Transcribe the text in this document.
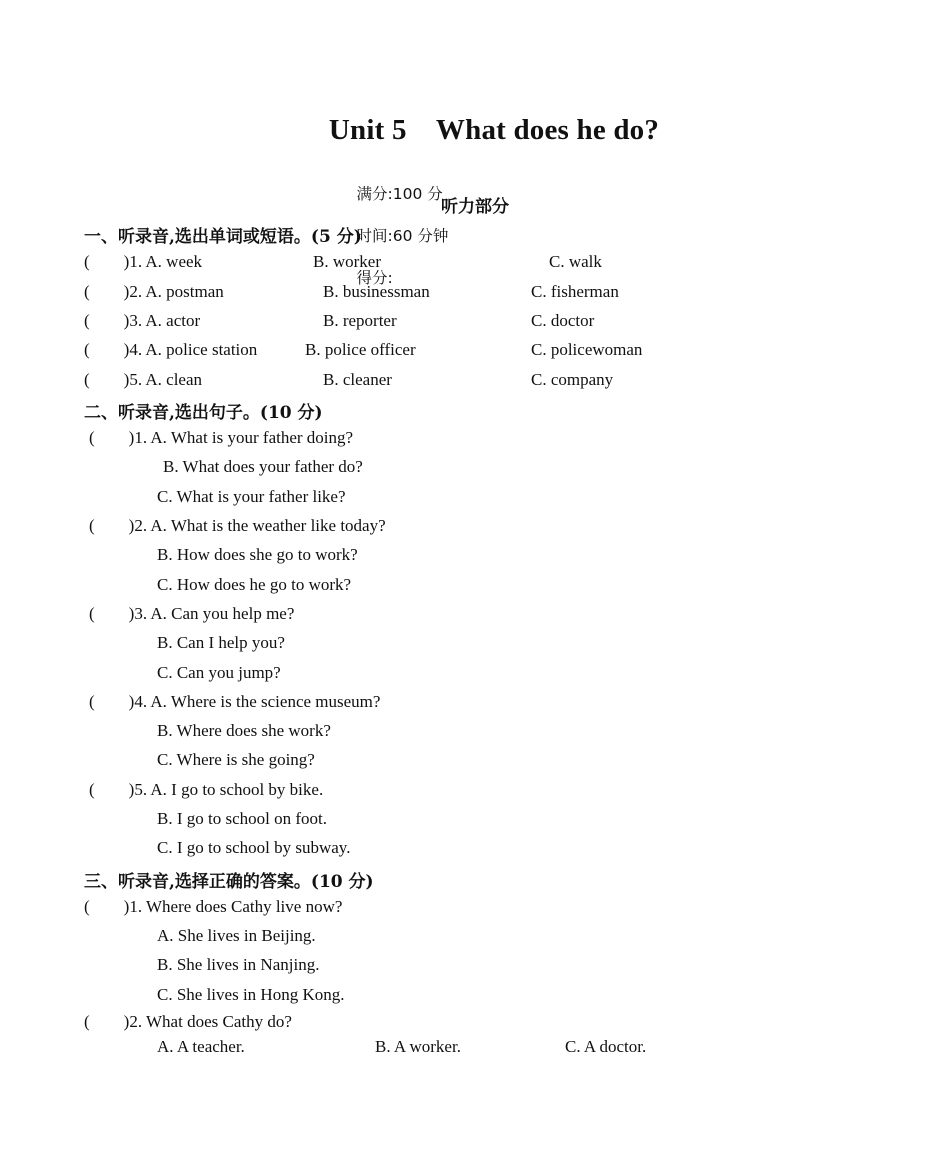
Unit 5    What does he do?

满分:100 分

时间:60 分钟

得分:

听力部分
一、听录音,选出单词或短语。(5 分)
(        )1. A. week	B. worker	C. walk
(        )2. A. postman	B. businessman	C. fisherman
(        )3. A. actor	B. reporter	C. doctor
(        )4. A. police station	B. police officer	C. policewoman
(        )5. A. clean	B. cleaner	C. company
二、听录音,选出句子。(10 分)
(        )1. A. What is your father doing?
B. What does your father do?
C. What is your father like?
(        )2. A. What is the weather like today?
B. How does she go to work?
C. How does he go to work?
(        )3. A. Can you help me?
B. Can I help you?
C. Can you jump?
(        )4. A. Where is the science museum?
B. Where does she work?
C. Where is she going?
(        )5. A. I go to school by bike.
B. I go to school on foot.
C. I go to school by subway.
三、听录音,选择正确的答案。(10 分)
(        )1. Where does Cathy live now?
A. She lives in Beijing.
B. She lives in Nanjing.
C. She lives in Hong Kong.
(        )2. What does Cathy do?
A. A teacher.	B. A worker.	C. A doctor.
